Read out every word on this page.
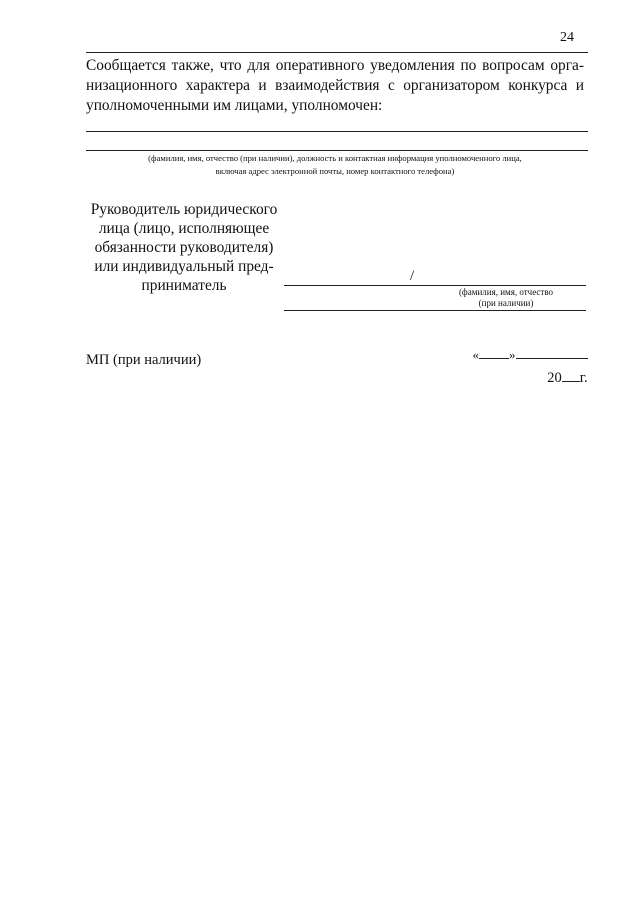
24
Сообщается также, что для оперативного уведомления по вопросам орга-
низационного характера и взаимодействия с организатором конкурса и
уполномоченными им лицами, уполномочен:
(фамилия, имя, отчество (при наличии), должность и контактная информация уполномоченного лица,
включая адрес электронной почты, номер контактного телефона)
Руководитель юридического
лица (лицо, исполняющее
обязанности руководителя)
или индивидуальный пред-
приниматель
/
(фамилия, имя, отчество
(при наличии)

« »

МП (при наличии)

20 г.
